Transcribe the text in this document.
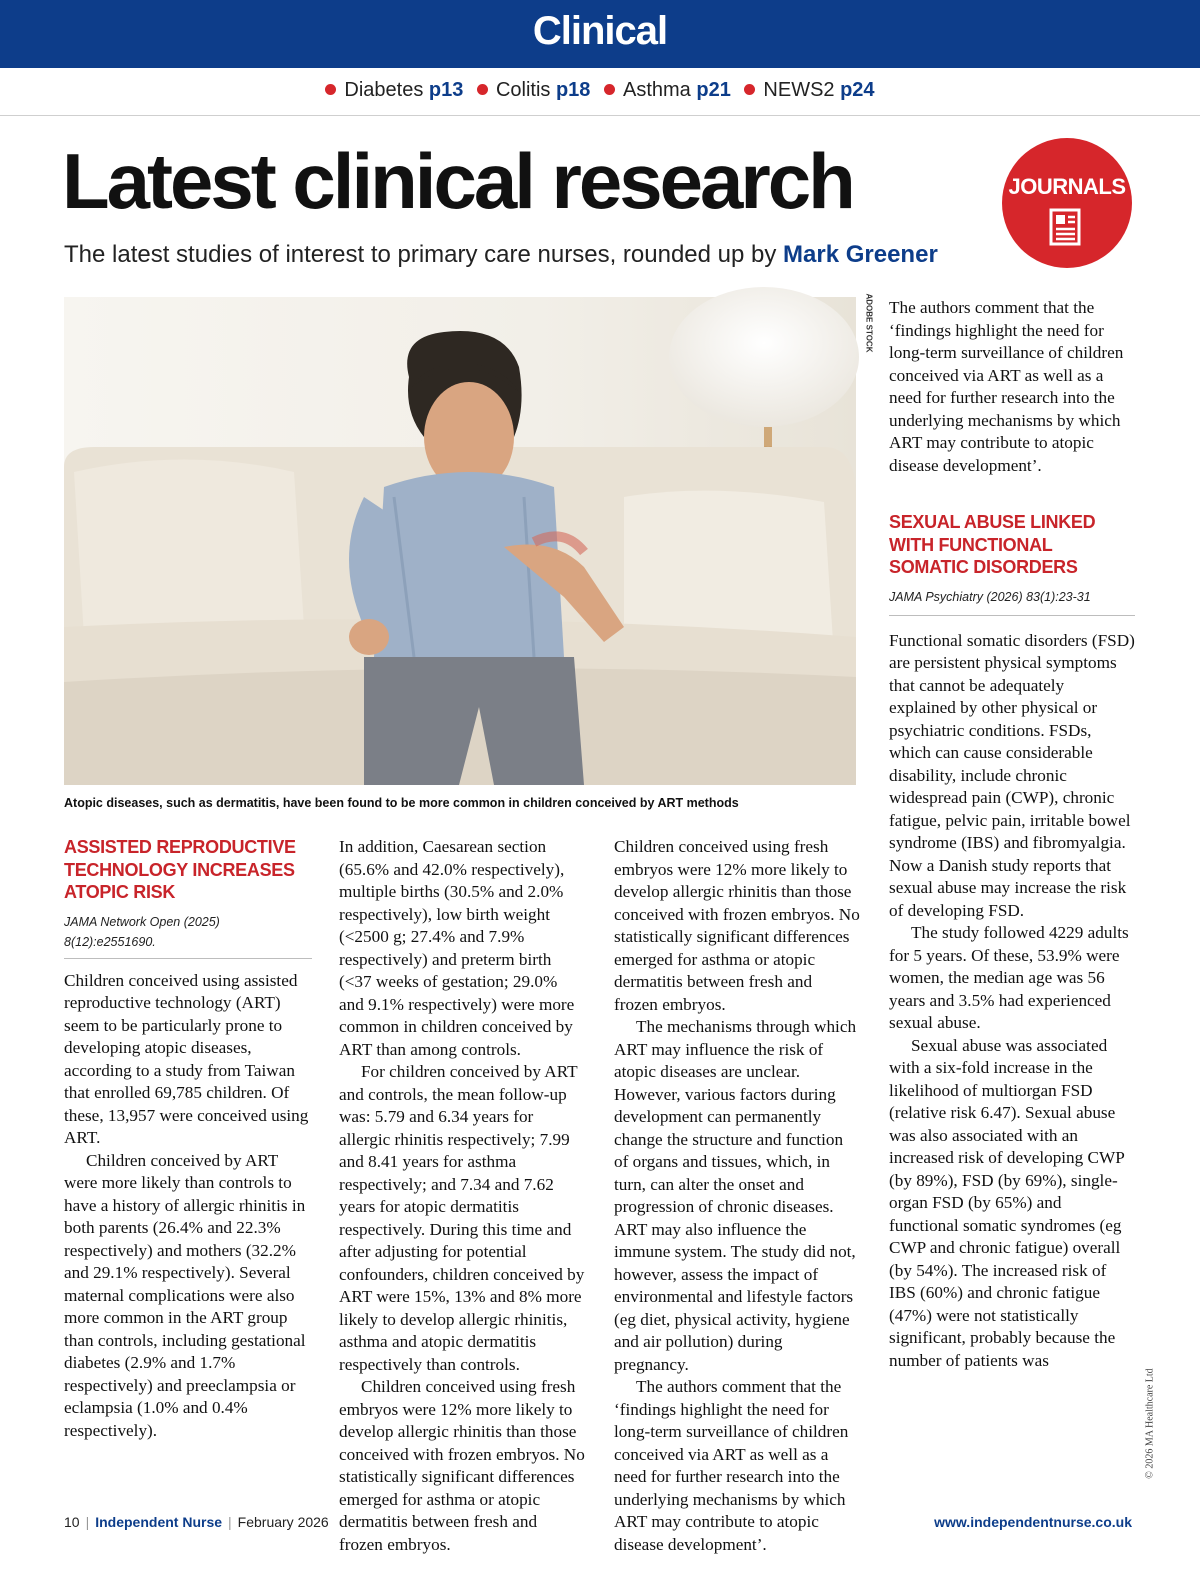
Clinical
Diabetes p13 Colitis p18 Asthma p21 NEWS2 p24
Latest clinical research
The latest studies of interest to primary care nurses, rounded up by Mark Greener
JOURNALS
ADOBE STOCK
Atopic diseases, such as dermatitis, have been found to be more common in children conceived by ART methods
ASSISTED REPRODUCTIVE TECHNOLOGY INCREASES ATOPIC RISK
JAMA Network Open (2025)
8(12):e2551690.

Children conceived using assisted reproductive technology (ART) seem to be particularly prone to developing atopic diseases, according to a study from Taiwan that enrolled 69,785 children. Of these, 13,957 were conceived using ART.

Children conceived by ART were more likely than controls to have a history of allergic rhinitis in both parents (26.4% and 22.3% respectively) and mothers (32.2% and 29.1% respectively). Several maternal complications were also more common in the ART group than controls, including gestational diabetes (2.9% and 1.7% respectively) and preeclampsia or eclampsia (1.0% and 0.4% respectively).

In addition, Caesarean section (65.6% and 42.0% respectively), multiple births (30.5% and 2.0% respectively), low birth weight (<2500 g; 27.4% and 7.9% respectively) and preterm birth (<37 weeks of gestation; 29.0% and 9.1% respectively) were more common in children conceived by ART than among controls.

For children conceived by ART and controls, the mean follow-up was: 5.79 and 6.34 years for allergic rhinitis respectively; 7.99 and 8.41 years for asthma respectively; and 7.34 and 7.62 years for atopic dermatitis respectively. During this time and after adjusting for potential confounders, children conceived by ART were 15%, 13% and 8% more likely to develop allergic rhinitis, asthma and atopic dermatitis respectively than controls.

Children conceived using fresh embryos were 12% more likely to develop allergic rhinitis than those conceived with frozen embryos. No statistically significant differences emerged for asthma or atopic dermatitis between fresh and frozen embryos.

Children conceived using fresh embryos were 12% more likely to develop allergic rhinitis than those conceived with frozen embryos. No statistically significant differences emerged for asthma or atopic dermatitis between fresh and frozen embryos.

The mechanisms through which ART may influence the risk of atopic diseases are unclear. However, various factors during development can permanently change the structure and function of organs and tissues, which, in turn, can alter the onset and progression of chronic diseases. ART may also influence the immune system. The study did not, however, assess the impact of environmental and lifestyle factors (eg diet, physical activity, hygiene and air pollution) during pregnancy.

The authors comment that the ‘findings highlight the need for long-term surveillance of children conceived via ART as well as a need for further research into the underlying mechanisms by which ART may contribute to atopic disease development’.

The authors comment that the ‘findings highlight the need for long-term surveillance of children conceived via ART as well as a need for further research into the underlying mechanisms by which ART may contribute to atopic disease development’.

SEXUAL ABUSE LINKED WITH FUNCTIONAL SOMATIC DISORDERS
JAMA Psychiatry (2026) 83(1):23-31

Functional somatic disorders (FSD) are persistent physical symptoms that cannot be adequately explained by other physical or psychiatric conditions. FSDs, which can cause considerable disability, include chronic widespread pain (CWP), chronic fatigue, pelvic pain, irritable bowel syndrome (IBS) and fibromyalgia. Now a Danish study reports that sexual abuse may increase the risk of developing FSD.

The study followed 4229 adults for 5 years. Of these, 53.9% were women, the median age was 56 years and 3.5% had experienced sexual abuse.

Sexual abuse was associated with a six-fold increase in the likelihood of multiorgan FSD (relative risk 6.47). Sexual abuse was also associated with an increased risk of developing CWP (by 89%), FSD (by 69%), single-organ FSD (by 65%) and functional somatic syndromes (eg CWP and chronic fatigue) overall (by 54%). The increased risk of IBS (60%) and chronic fatigue (47%) were not statistically significant, probably because the number of patients was

© 2026 MA Healthcare Ltd
10 | Independent Nurse | February 2026	www.independentnurse.co.uk
